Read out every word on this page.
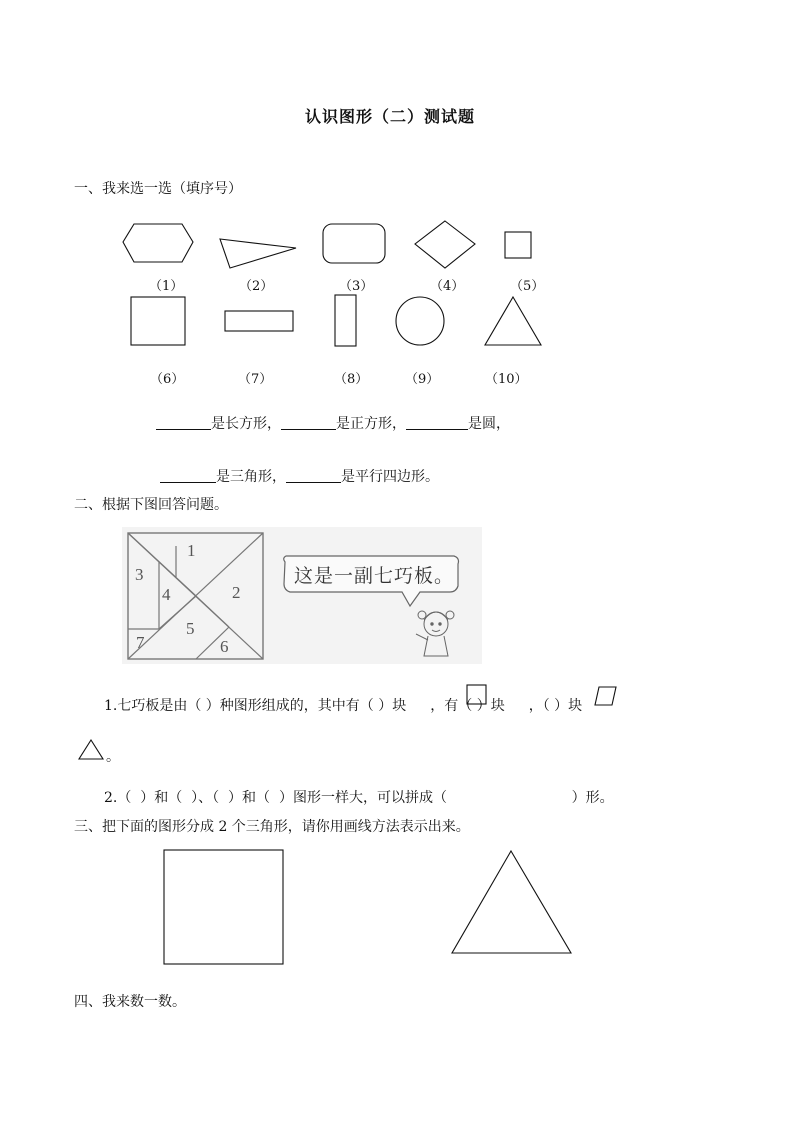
认识图形（二）测试题
一、我来选一选（填序号）
（1）	（2）	（3）	（4）	（5）
（6）	（7）	（8）	（9）	（10）
是长方形，	是正方形，	是圆，
是三角形，	是平行四边形。
二、根据下图回答问题。
1
2
3
4
5
6
7
这是一副七巧板。
1.七巧板是由（ ）种图形组成的，其中有（ ）块 ，有（ ）块 ，（ ）块
。
2.（  ）和（  ）、（  ）和（  ）图形一样大，可以拼成（                            ）形。
三、把下面的图形分成 2 个三角形，请你用画线方法表示出来。
四、我来数一数。
